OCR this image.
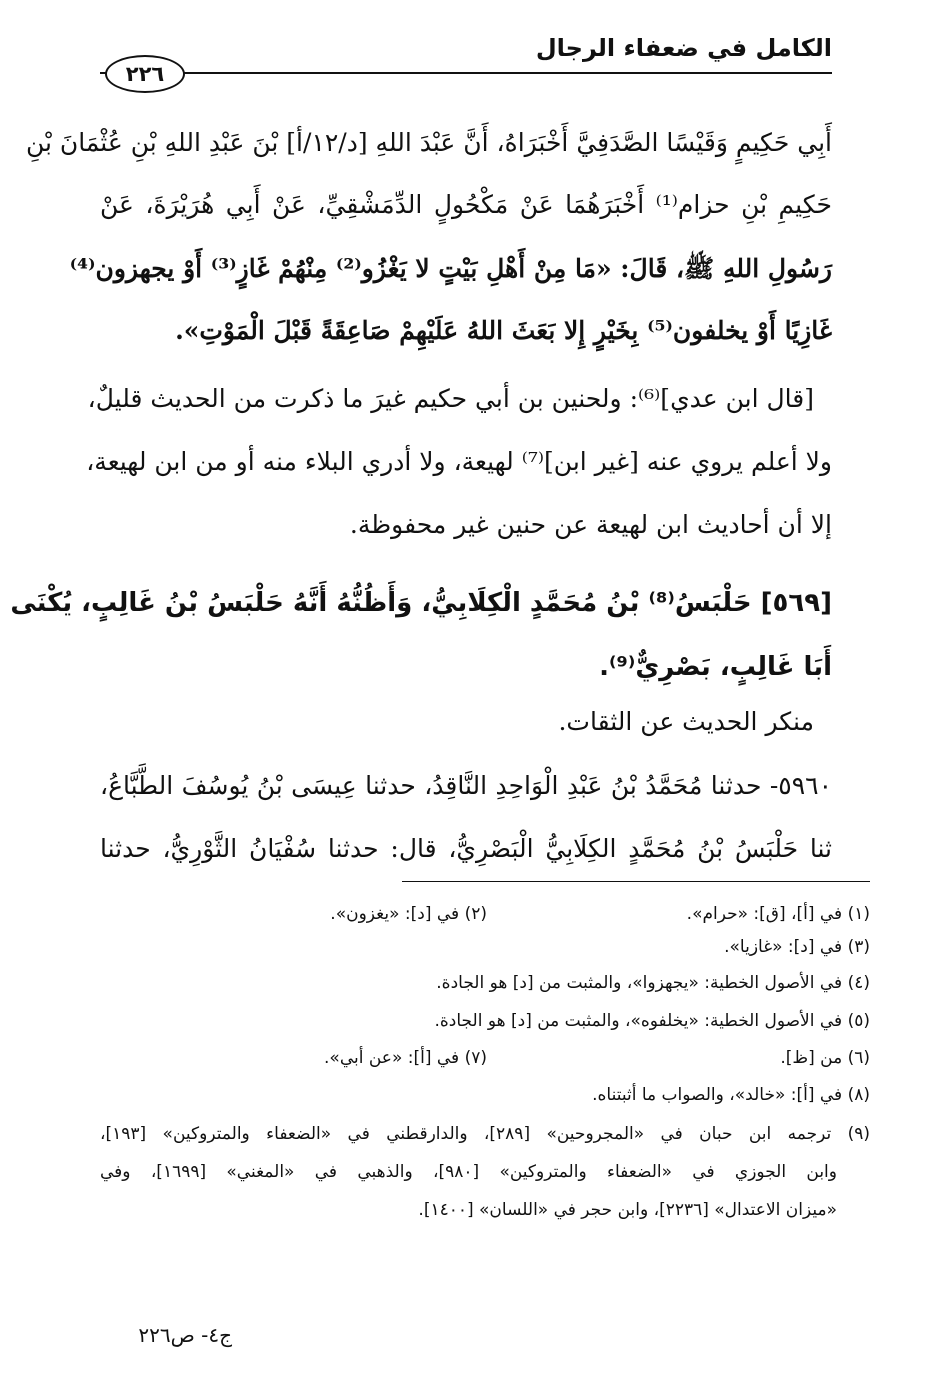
الكامل في ضعفاء الرجال
٢٢٦
أَبِي حَكِيمٍ وَقَيْسًا الصَّدَفِيَّ أَخْبَرَاهُ، أَنَّ عَبْدَ اللهِ [د/١٢/أ] بْنَ عَبْدِ اللهِ بْنِ عُثْمَانَ بْنِ
حَكِيمِ بْنِ حزام⁽¹⁾ أَخْبَرَهُمَا عَنْ مَكْحُولٍ الدِّمَشْقِيِّ، عَنْ أَبِي هُرَيْرَةَ، عَنْ
رَسُولِ اللهِ ﷺ، قَالَ: «مَا مِنْ أَهْلِ بَيْتٍ لا يَغْزُو⁽²⁾ مِنْهُمْ غَازٍ⁽³⁾ أَوْ يجهزون⁽⁴⁾
غَازِيًا أَوْ يخلفون⁽⁵⁾ بِخَيْرٍ إِلا بَعَثَ اللهُ عَلَيْهِمْ صَاعِقَةً قَبْلَ الْمَوْتِ».
[قال ابن عدي]⁽⁶⁾: ولحنين بن أبي حكيم غيرَ ما ذكرت من الحديث قليلٌ،
ولا أعلم يروي عنه [غير ابن]⁽⁷⁾ لهيعة، ولا أدري البلاء منه أو من ابن لهيعة،
إلا أن أحاديث ابن لهيعة عن حنين غير محفوظة.
[٥٦٩] حَلْبَسُ⁽⁸⁾ بْنُ مُحَمَّدٍ الْكِلَابِيُّ، وَأَظُنُّهُ أَنَّهُ حَلْبَسُ بْنُ غَالِبٍ، يُكْنَى
أَبَا غَالِبٍ، بَصْرِيٌّ⁽⁹⁾.
منكر الحديث عن الثقات.
٥٩٦٠- حدثنا مُحَمَّدُ بْنُ عَبْدِ الْوَاحِدِ النَّاقِدُ، حدثنا عِيسَى بْنُ يُوسُفَ الطَّبَّاعُ،
ثنا حَلْبَسُ بْنُ مُحَمَّدٍ الكِلَابِيُّ الْبَصْرِيُّ، قال: حدثنا سُفْيَانُ الثَّوْرِيُّ، حدثنا
(١) في [أ]، [ق]: «حرام».
(٢) في [د]: «يغزون».
(٣) في [د]: «غازيا».
(٤) في الأصول الخطية: «يجهزوا»، والمثبت من [د] هو الجادة.
(٥) في الأصول الخطية: «يخلفوه»، والمثبت من [د] هو الجادة.
(٦) من [ظ].
(٧) في [أ]: «عن أبي».
(٨) في [أ]: «خالد»، والصواب ما أثبتناه.
(٩) ترجمه ابن حبان في «المجروحين» [٢٨٩]، والدارقطني في «الضعفاء والمتروكين» [١٩٣]،
وابن الجوزي في «الضعفاء والمتروكين» [٩٨٠]، والذهبي في «المغني» [١٦٩٩]، وفي
«ميزان الاعتدال» [٢٢٣٦]، وابن حجر في «اللسان» [١٤٠٠].
ج٤- ص٢٢٦
